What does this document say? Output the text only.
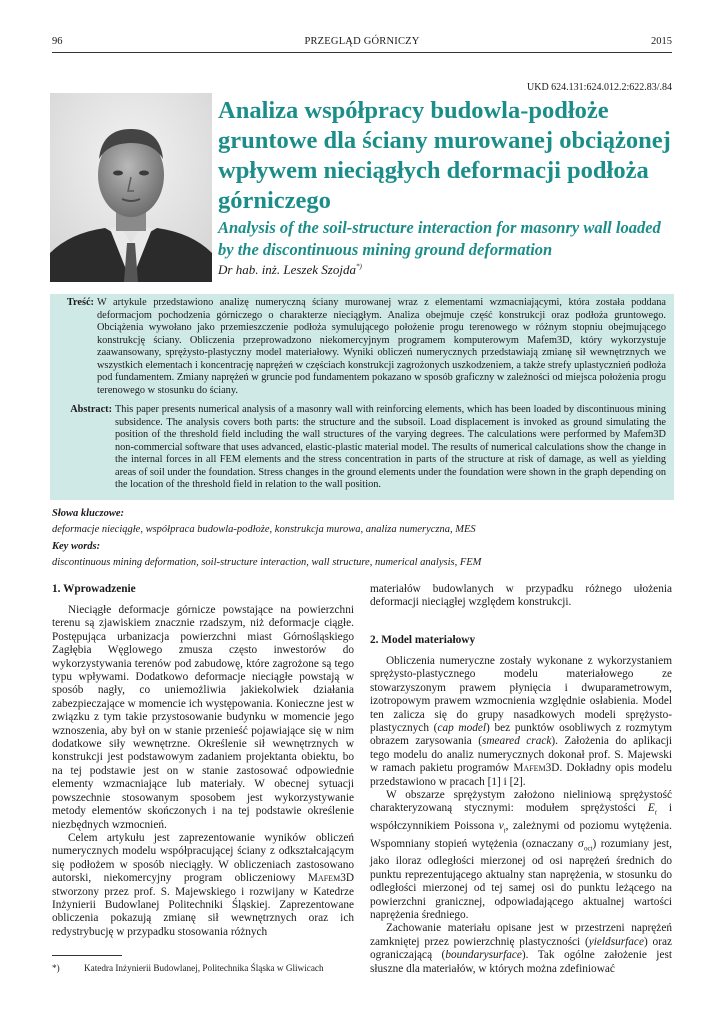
96	PRZEGLĄD GÓRNICZY	2015
UKD 624.131:624.012.2:622.83/.84
Analiza współpracy budowla-podłoże gruntowe dla ściany murowanej obciążonej wpływem nieciągłych deformacji podłoża górniczego
Analysis of the soil-structure interaction for masonry wall loaded by the discontinuous mining ground deformation
Dr hab. inż. Leszek Szojda*)
Treść: W artykule przedstawiono analizę numeryczną ściany murowanej wraz z elementami wzmacniającymi, która została poddana deformacjom pochodzenia górniczego o charakterze nieciągłym. Analiza obejmuje część konstrukcji oraz podłoża gruntowego. Obciążenia wywołano jako przemieszczenie podłoża symulującego położenie progu terenowego w różnym stopniu obejmującego konstrukcję ściany. Obliczenia przeprowadzono niekomercyjnym programem komputerowym Mafem3D, który wykorzystuje zaawansowany, sprężysto-plastyczny model materiałowy. Wyniki obliczeń numerycznych przedstawiają zmianę sił wewnętrznych we wszystkich elementach i koncentrację naprężeń w częściach konstrukcji zagrożonych uszkodzeniem, a także strefy uplastycznień podłoża pod fundamentem. Zmiany naprężeń w gruncie pod fundamentem pokazano w sposób graficzny w zależności od miejsca położenia progu terenowego w stosunku do ściany.
Abstract: This paper presents numerical analysis of a masonry wall with reinforcing elements, which has been loaded by discontinuous mining subsidence. The analysis covers both parts: the structure and the subsoil. Load displacement is invoked as ground simulating the position of the threshold field including the wall structures of the varying degrees. The calculations were performed by Mafem3D non-commercial software that uses advanced, elastic-plastic material model. The results of numerical calculations show the change in the internal forces in all FEM elements and the stress concentration in parts of the structure at risk of damage, as well as yielding areas of soil under the foundation. Stress changes in the ground elements under the foundation were shown in the graph depending on the location of the threshold field in relation to the wall position.
Słowa kluczowe:
deformacje nieciągłe, współpraca budowla-podłoże, konstrukcja murowa, analiza numeryczna, MES
Key words:
discontinuous mining deformation, soil-structure interaction, wall structure, numerical analysis, FEM
1. Wprowadzenie

Nieciągłe deformacje górnicze powstające na powierzchni terenu są zjawiskiem znacznie rzadszym, niż deformacje ciągłe. Postępująca urbanizacja powierzchni miast Górnośląskiego Zagłębia Węglowego zmusza często inwestorów do wykorzystywania terenów pod zabudowę, które zagrożone są tego typu wpływami. Dodatkowo deformacje nieciągłe powstają w sposób nagły, co uniemożliwia jakiekolwiek działania zabezpieczające w momencie ich występowania. Konieczne jest w związku z tym takie przystosowanie budynku w momencie jego wznoszenia, aby był on w stanie przenieść pojawiające się w nim dodatkowe siły wewnętrzne. Określenie sił wewnętrznych w konstrukcji jest podstawowym zadaniem projektanta obiektu, bo na tej podstawie jest on w stanie zastosować odpowiednie elementy wzmacniające lub materiały. W obecnej sytuacji powszechnie stosowanym sposobem jest wykorzystywanie metody elementów skończonych i na tej podstawie określenie niezbędnych wzmocnień.

Celem artykułu jest zaprezentowanie wyników obliczeń numerycznych modelu współpracującej ściany z odkształcającym się podłożem w sposób nieciągły. W obliczeniach zastosowano autorski, niekomercyjny program obliczeniowy Mafem3D stworzony przez prof. S. Majewskiego i rozwijany w Katedrze Inżynierii Budowlanej Politechniki Śląskiej. Zaprezentowane obliczenia pokazują zmianę sił wewnętrznych oraz ich redystrybucję w przypadku stosowania różnych

materiałów budowlanych w przypadku różnego ułożenia deformacji nieciągłej względem konstrukcji.

2. Model materiałowy

Obliczenia numeryczne zostały wykonane z wykorzystaniem sprężysto-plastycznego modelu materiałowego ze stowarzyszonym prawem płynięcia i dwuparametrowym, izotropowym prawem wzmocnienia względnie osłabienia. Model ten zalicza się do grupy nasadkowych modeli sprężysto-plastycznych (cap model) bez punktów osobliwych z rozmytym obrazem zarysowania (smeared crack). Założenia do aplikacji tego modelu do analiz numerycznych dokonał prof. S. Majewski w ramach pakietu programów Mafem3D. Dokładny opis modelu przedstawiono w pracach [1] i [2].

W obszarze sprężystym założono nieliniową sprężystość charakteryzowaną stycznymi: modułem sprężystości $E_t$ i współczynnikiem Poissona $v_t$, zależnymi od poziomu wytężenia. Wspomniany stopień wytężenia (oznaczany $\sigma_{oct}$) rozumiany jest, jako iloraz odległości mierzonej od osi naprężeń średnich do punktu reprezentującego aktualny stan naprężenia, w stosunku do odległości mierzonej od tej samej osi do punktu leżącego na powierzchni granicznej, odpowiadającego aktualnej wartości naprężenia średniego.

Zachowanie materiału opisane jest w przestrzeni naprężeń zamkniętej przez powierzchnię plastyczności (yieldsurface) oraz ograniczającą (boundarysurface). Tak ogólne założenie jest słuszne dla materiałów, w których można zdefiniować

*)	Katedra Inżynierii Budowlanej, Politechnika Śląska w Gliwicach
